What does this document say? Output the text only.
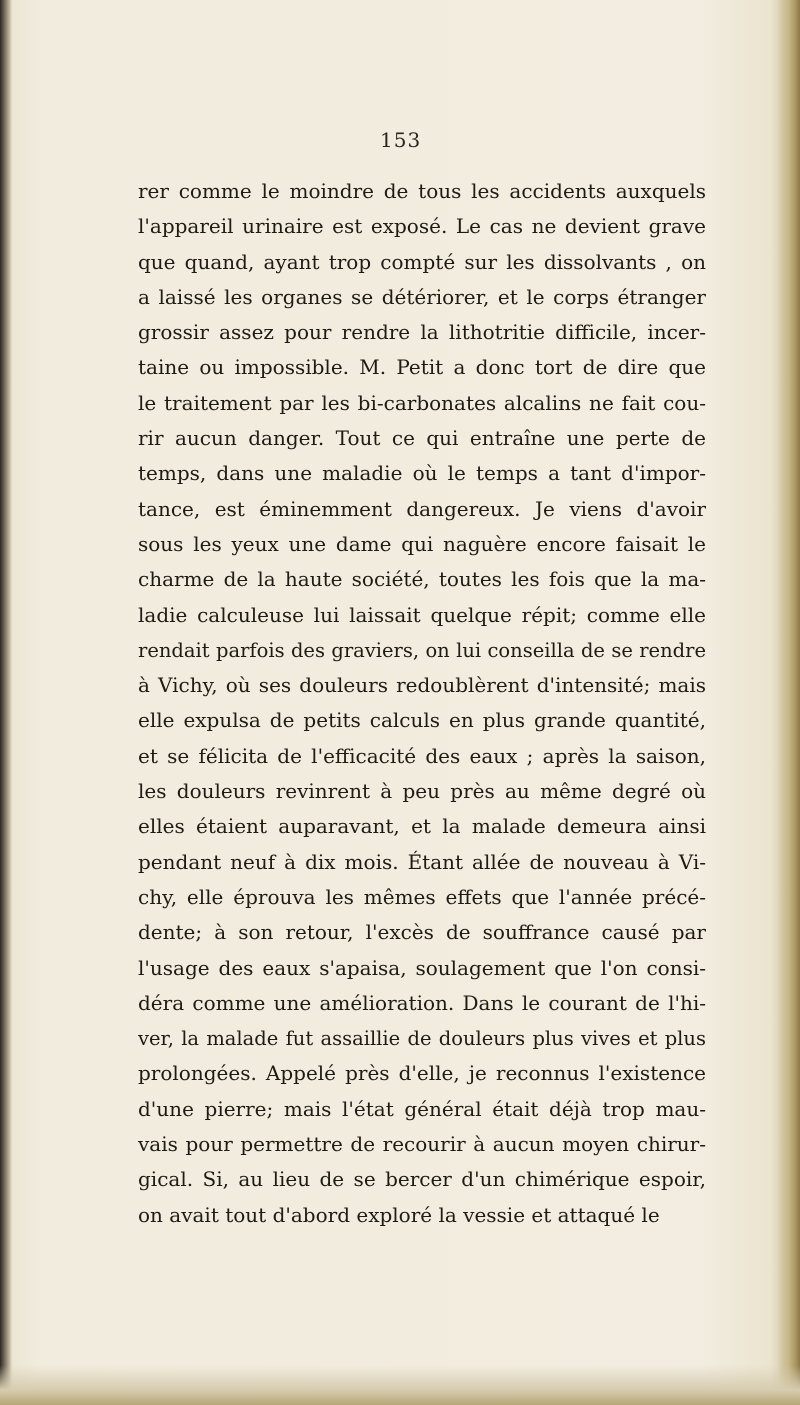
153
rer comme le moindre de tous les accidents auxquels
l'appareil urinaire est exposé. Le cas ne devient grave
que quand, ayant trop compté sur les dissolvants , on
a laissé les organes se détériorer, et le corps étranger
grossir assez pour rendre la lithotritie difficile, incer-
taine ou impossible. M. Petit a donc tort de dire que
le traitement par les bi-carbonates alcalins ne fait cou-
rir aucun danger. Tout ce qui entraîne une perte de
temps, dans une maladie où le temps a tant d'impor-
tance, est éminemment dangereux. Je viens d'avoir
sous les yeux une dame qui naguère encore faisait le
charme de la haute société, toutes les fois que la ma-
ladie calculeuse lui laissait quelque répit; comme elle
rendait parfois des graviers, on lui conseilla de se rendre
à Vichy, où ses douleurs redoublèrent d'intensité; mais
elle expulsa de petits calculs en plus grande quantité,
et se félicita de l'efficacité des eaux ; après la saison,
les douleurs revinrent à peu près au même degré où
elles étaient auparavant, et la malade demeura ainsi
pendant neuf à dix mois. Étant allée de nouveau à Vi-
chy, elle éprouva les mêmes effets que l'année précé-
dente; à son retour, l'excès de souffrance causé par
l'usage des eaux s'apaisa, soulagement que l'on consi-
déra comme une amélioration. Dans le courant de l'hi-
ver, la malade fut assaillie de douleurs plus vives et plus
prolongées. Appelé près d'elle, je reconnus l'existence
d'une pierre; mais l'état général était déjà trop mau-
vais pour permettre de recourir à aucun moyen chirur-
gical. Si, au lieu de se bercer d'un chimérique espoir,
on avait tout d'abord exploré la vessie et attaqué le
